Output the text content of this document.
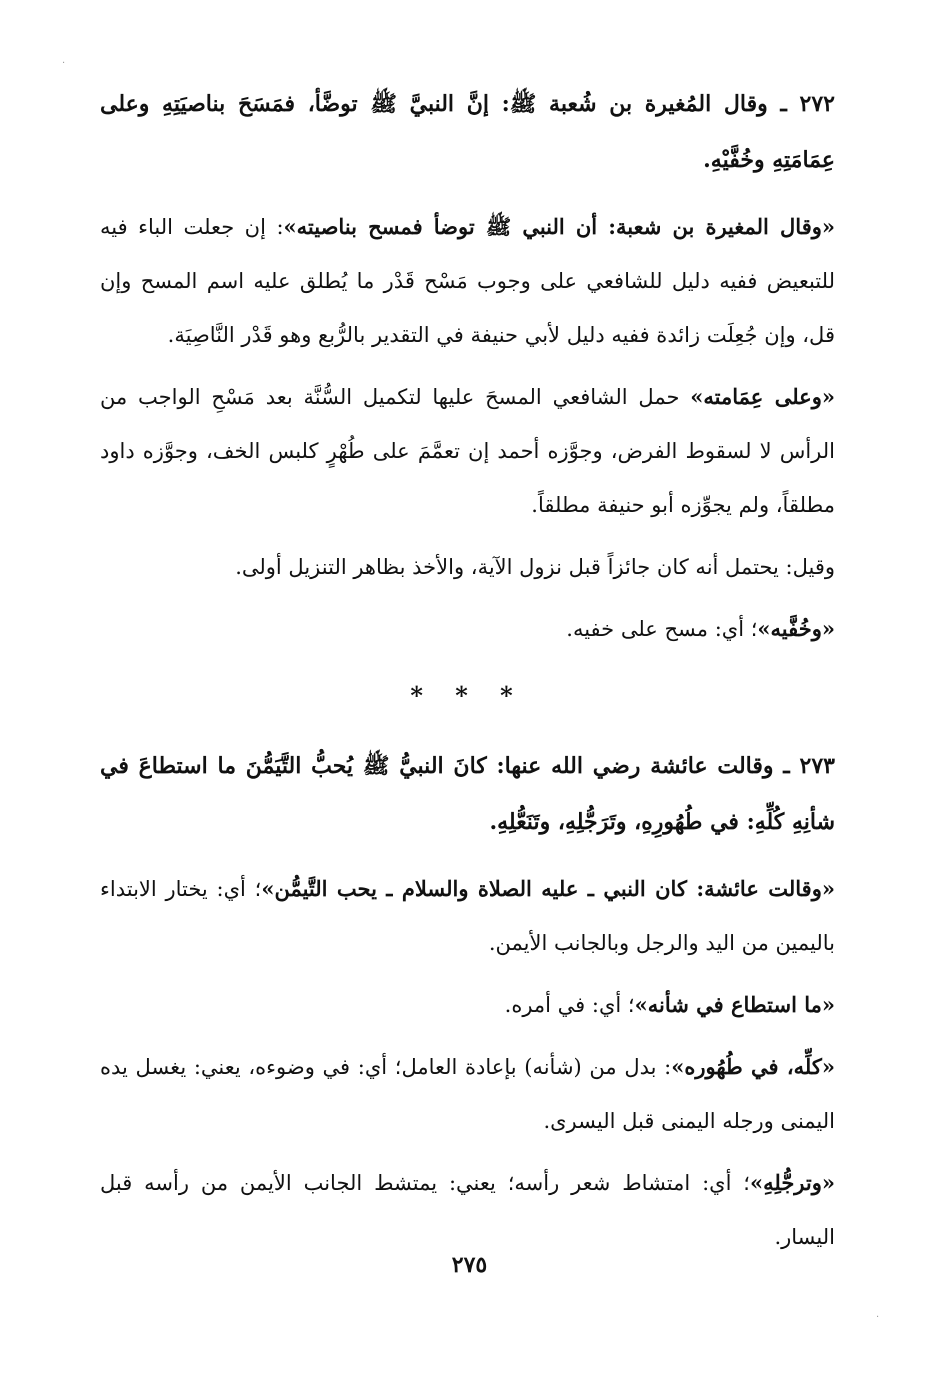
٢٧٢ ـ وقال المُغيرة بن شُعبة ﷺ: إنَّ النبيَّ ﷺ توضَّأ، فمَسَحَ بناصيَتِهِ وعلى عِمَامَتِهِ وخُفَّيْهِ.

«وقال المغيرة بن شعبة: أن النبي ﷺ توضأ فمسح بناصيته»: إن جعلت الباء فيه للتبعيض ففيه دليل للشافعي على وجوب مَسْح قَدْر ما يُطلق عليه اسم المسح وإن قل، وإن جُعِلَت زائدة ففيه دليل لأبي حنيفة في التقدير بالرُّبع وهو قَدْر النَّاصِيَة.

«وعلى عِمَامته» حمل الشافعي المسحَ عليها لتكميل السُّنَّة بعد مَسْحِ الواجب من الرأس لا لسقوط الفرض، وجوَّزه أحمد إن تعمَّمَ على طُهْرٍ كلبس الخف، وجوَّزه داود مطلقاً، ولم يجوِّزه أبو حنيفة مطلقاً.

وقيل: يحتمل أنه كان جائزاً قبل نزول الآية، والأخذ بظاهر التنزيل أولى.

«وخُفَّيه»؛ أي: مسح على خفيه.

* * *

٢٧٣ ـ وقالت عائشة رضي الله عنها: كانَ النبيُّ ﷺ يُحبُّ التَّيَمُّنَ ما استطاعَ في شأنِهِ كُلِّهِ: في طُهُورِهِ، وتَرَجُّلِهِ، وتَنَعُّلِهِ.

«وقالت عائشة: كان النبي ـ عليه الصلاة والسلام ـ يحب التَّيمُّن»؛ أي: يختار الابتداء باليمين من اليد والرجل وبالجانب الأيمن.

«ما استطاع في شأنه»؛ أي: في أمره.

«كلِّه، في طُهُوره»: بدل من (شأنه) بإعادة العامل؛ أي: في وضوءه، يعني: يغسل يده اليمنى ورجله اليمنى قبل اليسرى.

«وترجُّلِهِ»؛ أي: امتشاط شعر رأسه؛ يعني: يمتشط الجانب الأيمن من رأسه قبل اليسار.

٢٧٥
·
·
